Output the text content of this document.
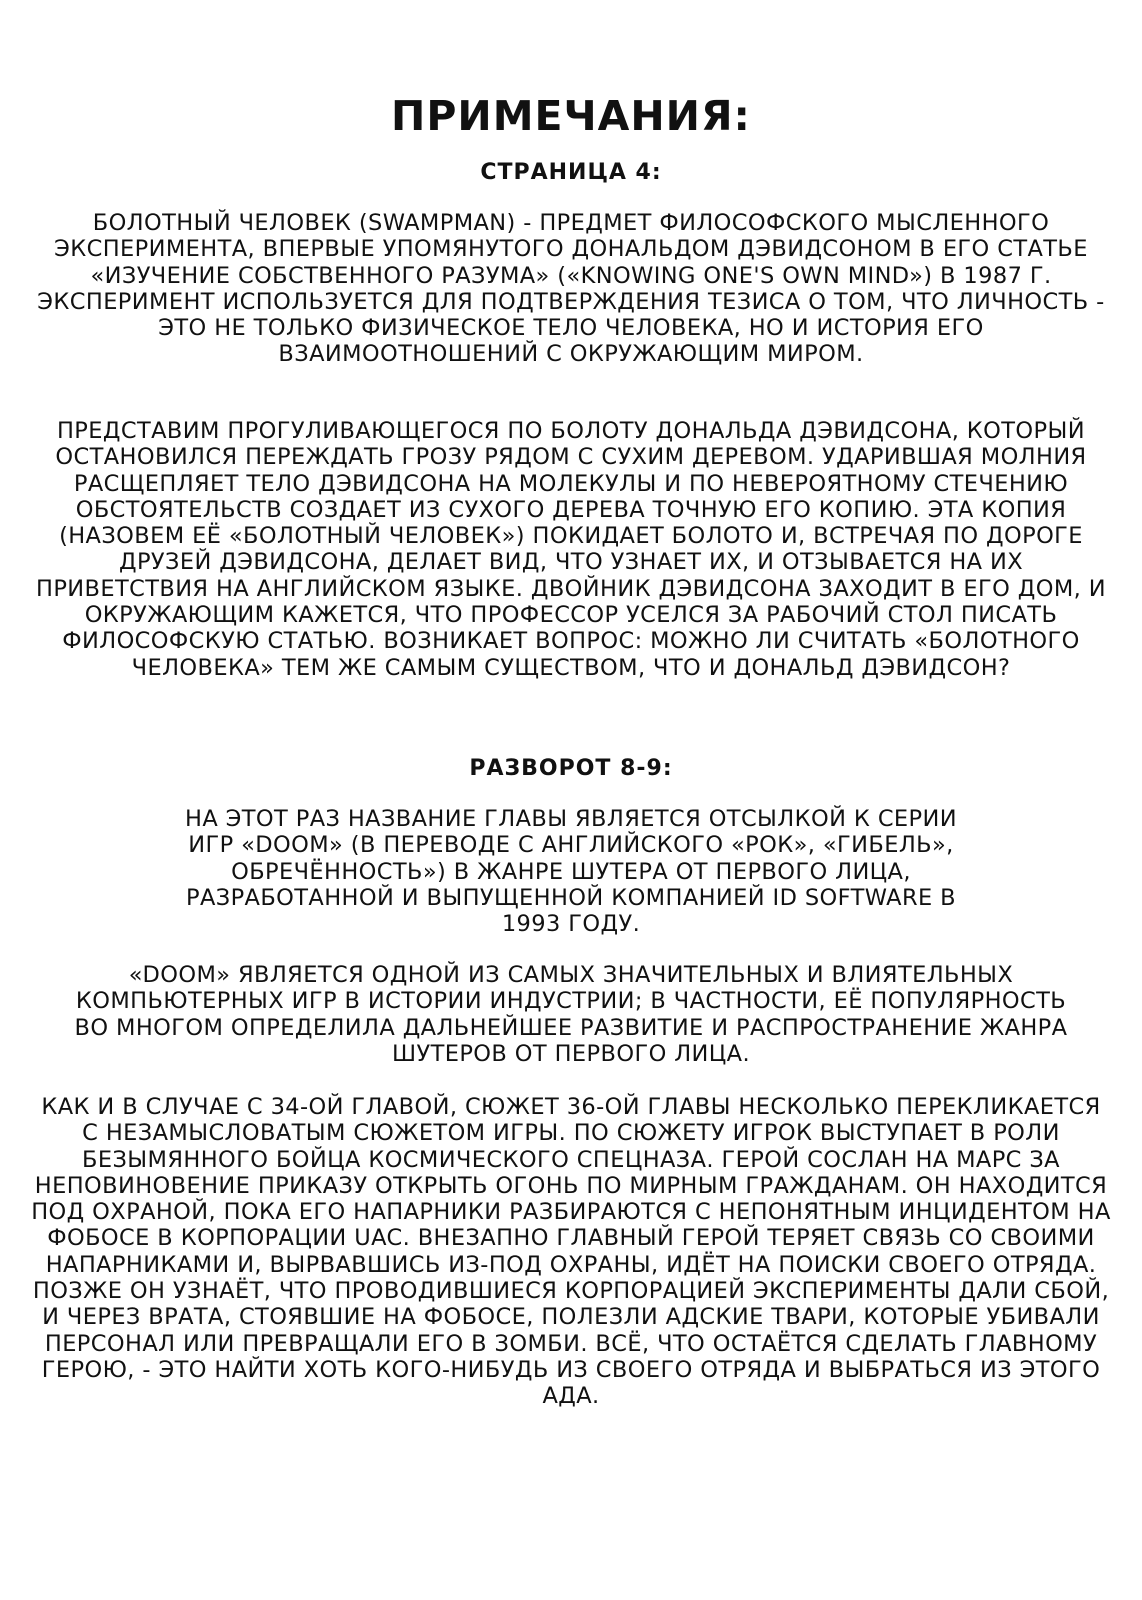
ПРИМЕЧАНИЯ:
СТРАНИЦА 4:

БОЛОТНЫЙ ЧЕЛОВЕК (SWAMPMAN) - ПРЕДМЕТ ФИЛОСОФСКОГО МЫСЛЕННОГО ЭКСПЕРИМЕНТА, ВПЕРВЫЕ УПОМЯНУТОГО ДОНАЛЬДОМ ДЭВИДСОНОМ В ЕГО СТАТЬЕ «ИЗУЧЕНИЕ СОБСТВЕННОГО РАЗУМА» («KNOWING ONE'S OWN MIND») В 1987 Г. ЭКСПЕРИМЕНТ ИСПОЛЬЗУЕТСЯ ДЛЯ ПОДТВЕРЖДЕНИЯ ТЕЗИСА О ТОМ, ЧТО ЛИЧНОСТЬ - ЭТО НЕ ТОЛЬКО ФИЗИЧЕСКОЕ ТЕЛО ЧЕЛОВЕКА, НО И ИСТОРИЯ ЕГО ВЗАИМООТНОШЕНИЙ С ОКРУЖАЮЩИМ МИРОМ.

ПРЕДСТАВИМ ПРОГУЛИВАЮЩЕГОСЯ ПО БОЛОТУ ДОНАЛЬДА ДЭВИДСОНА, КОТОРЫЙ ОСТАНОВИЛСЯ ПЕРЕЖДАТЬ ГРОЗУ РЯДОМ С СУХИМ ДЕРЕВОМ. УДАРИВШАЯ МОЛНИЯ РАСЩЕПЛЯЕТ ТЕЛО ДЭВИДСОНА НА МОЛЕКУЛЫ И ПО НЕВЕРОЯТНОМУ СТЕЧЕНИЮ ОБСТОЯТЕЛЬСТВ СОЗДАЕТ ИЗ СУХОГО ДЕРЕВА ТОЧНУЮ ЕГО КОПИЮ. ЭТА КОПИЯ (НАЗОВЕМ ЕЁ «БОЛОТНЫЙ ЧЕЛОВЕК») ПОКИДАЕТ БОЛОТО И, ВСТРЕЧАЯ ПО ДОРОГЕ ДРУЗЕЙ ДЭВИДСОНА, ДЕЛАЕТ ВИД, ЧТО УЗНАЕТ ИХ, И ОТЗЫВАЕТСЯ НА ИХ ПРИВЕТСТВИЯ НА АНГЛИЙСКОМ ЯЗЫКЕ. ДВОЙНИК ДЭВИДСОНА ЗАХОДИТ В ЕГО ДОМ, И ОКРУЖАЮЩИМ КАЖЕТСЯ, ЧТО ПРОФЕССОР УСЕЛСЯ ЗА РАБОЧИЙ СТОЛ ПИСАТЬ ФИЛОСОФСКУЮ СТАТЬЮ. ВОЗНИКАЕТ ВОПРОС: МОЖНО ЛИ СЧИТАТЬ «БОЛОТНОГО ЧЕЛОВЕКА» ТЕМ ЖЕ САМЫМ СУЩЕСТВОМ, ЧТО И ДОНАЛЬД ДЭВИДСОН?

РАЗВОРОТ 8-9:

НА ЭТОТ РАЗ НАЗВАНИЕ ГЛАВЫ ЯВЛЯЕТСЯ ОТСЫЛКОЙ К СЕРИИ ИГР «DOOM» (В ПЕРЕВОДЕ С АНГЛИЙСКОГО «РОК», «ГИБЕЛЬ», ОБРЕЧЁННОСТЬ») В ЖАНРЕ ШУТЕРА ОТ ПЕРВОГО ЛИЦА, РАЗРАБОТАННОЙ И ВЫПУЩЕННОЙ КОМПАНИЕЙ ID SOFTWARE В 1993 ГОДУ.

«DOOM» ЯВЛЯЕТСЯ ОДНОЙ ИЗ САМЫХ ЗНАЧИТЕЛЬНЫХ И ВЛИЯТЕЛЬНЫХ КОМПЬЮТЕРНЫХ ИГР В ИСТОРИИ ИНДУСТРИИ; В ЧАСТНОСТИ, ЕЁ ПОПУЛЯРНОСТЬ ВО МНОГОМ ОПРЕДЕЛИЛА ДАЛЬНЕЙШЕЕ РАЗВИТИЕ И РАСПРОСТРАНЕНИЕ ЖАНРА ШУТЕРОВ ОТ ПЕРВОГО ЛИЦА.

КАК И В СЛУЧАЕ С 34-ОЙ ГЛАВОЙ, СЮЖЕТ 36-ОЙ ГЛАВЫ НЕСКОЛЬКО ПЕРЕКЛИКАЕТСЯ С НЕЗАМЫСЛОВАТЫМ СЮЖЕТОМ ИГРЫ. ПО СЮЖЕТУ ИГРОК ВЫСТУПАЕТ В РОЛИ БЕЗЫМЯННОГО БОЙЦА КОСМИЧЕСКОГО СПЕЦНАЗА. ГЕРОЙ СОСЛАН НА МАРС ЗА НЕПОВИНОВЕНИЕ ПРИКАЗУ ОТКРЫТЬ ОГОНЬ ПО МИРНЫМ ГРАЖДАНАМ. ОН НАХОДИТСЯ ПОД ОХРАНОЙ, ПОКА ЕГО НАПАРНИКИ РАЗБИРАЮТСЯ С НЕПОНЯТНЫМ ИНЦИДЕНТОМ НА ФОБОСЕ В КОРПОРАЦИИ UAC. ВНЕЗАПНО ГЛАВНЫЙ ГЕРОЙ ТЕРЯЕТ СВЯЗЬ СО СВОИМИ НАПАРНИКАМИ И, ВЫРВАВШИСЬ ИЗ-ПОД ОХРАНЫ, ИДЁТ НА ПОИСКИ СВОЕГО ОТРЯДА. ПОЗЖЕ ОН УЗНАЁТ, ЧТО ПРОВОДИВШИЕСЯ КОРПОРАЦИЕЙ ЭКСПЕРИМЕНТЫ ДАЛИ СБОЙ, И ЧЕРЕЗ ВРАТА, СТОЯВШИЕ НА ФОБОСЕ, ПОЛЕЗЛИ АДСКИЕ ТВАРИ, КОТОРЫЕ УБИВАЛИ ПЕРСОНАЛ ИЛИ ПРЕВРАЩАЛИ ЕГО В ЗОМБИ. ВСЁ, ЧТО ОСТАЁТСЯ СДЕЛАТЬ ГЛАВНОМУ ГЕРОЮ, - ЭТО НАЙТИ ХОТЬ КОГО-НИБУДЬ ИЗ СВОЕГО ОТРЯДА И ВЫБРАТЬСЯ ИЗ ЭТОГО АДА.
